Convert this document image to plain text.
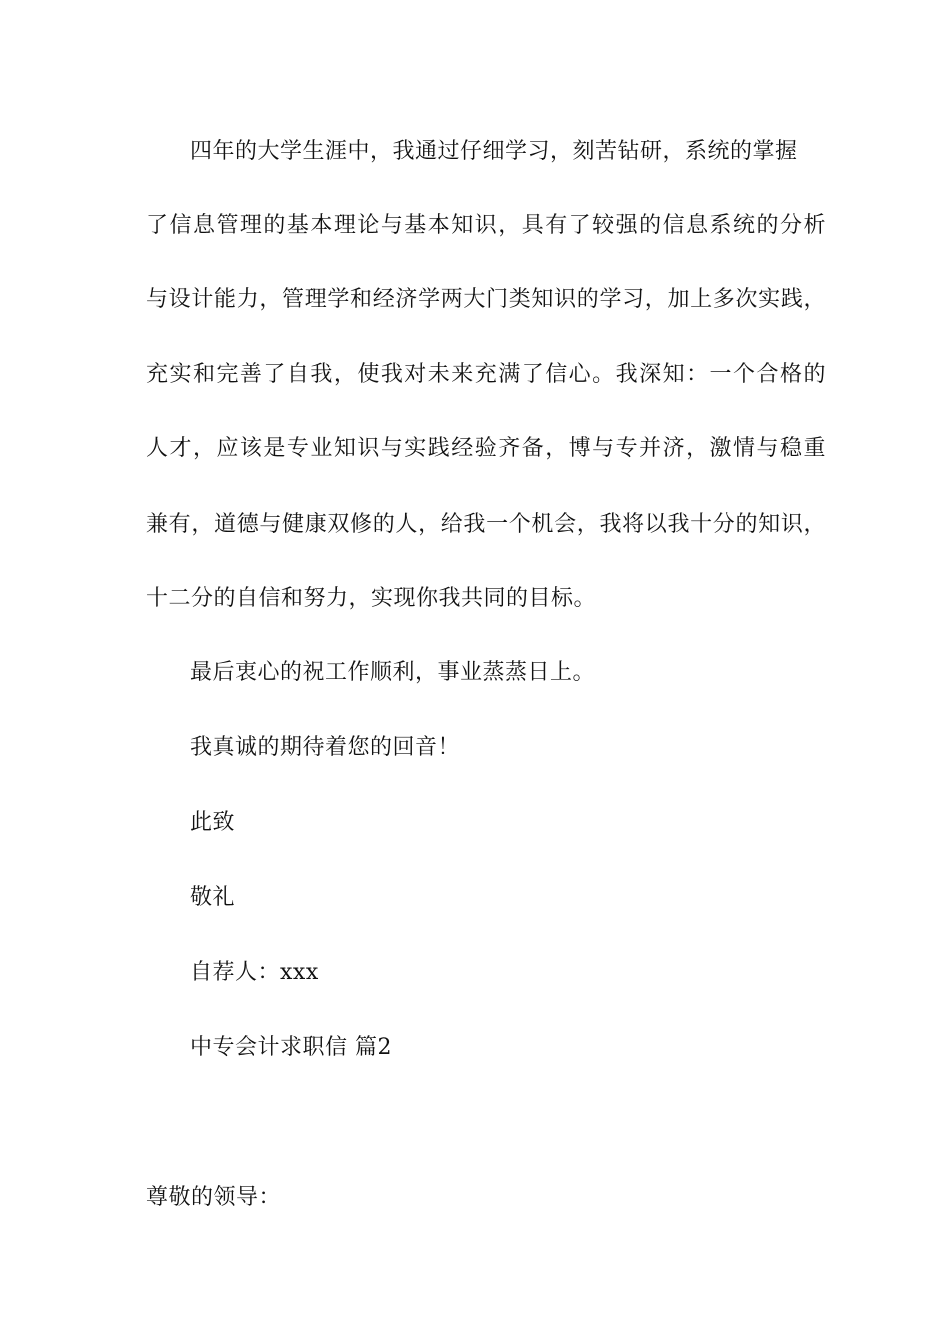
四年的大学生涯中，我通过仔细学习，刻苦钻研，系统的掌握
了信息管理的基本理论与基本知识，具有了较强的信息系统的分析
与设计能力，管理学和经济学两大门类知识的学习，加上多次实践，
充实和完善了自我，使我对未来充满了信心。我深知：一个合格的
人才，应该是专业知识与实践经验齐备，博与专并济，激情与稳重
兼有，道德与健康双修的人，给我一个机会，我将以我十分的知识，
十二分的自信和努力，实现你我共同的目标。
最后衷心的祝工作顺利，事业蒸蒸日上。
我真诚的期待着您的回音！
此致
敬礼
自荐人：xxx
中专会计求职信 篇2
尊敬的领导：
